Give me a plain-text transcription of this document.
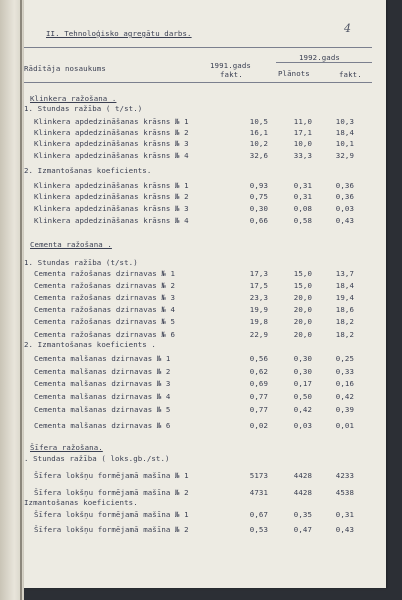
II. Tehnoloģisko agregātu darbs.	4
1992.gads
1991.gads
Rādītāja nosaukums
fakt.	Plānots	fakt.
Klinkera ražošana .
1. Stundas ražība ( t/st.)
Klinkera apdedzināšanas krāsns № 1	10,5	11,0	10,3
Klinkera apdedzināšanas krāsns № 2	16,1	17,1	18,4
Klinkera apdedzināšanas krāsns № 3	10,2	10,0	10,1
Klinkera apdedzināšanas krāsns № 4	32,6	33,3	32,9
2. Izmantošanas koeficients.
Klinkera apdedzināšanas krāsns № 1	0,93	0,31	0,36
Klinkera apdedzināšanas krāsns № 2	0,75	0,31	0,36
Klinkera apdedzināšanas krāsns № 3	0,30	0,08	0,03
Klinkera apdedzināšanas krāsns № 4	0,66	0,58	0,43
Cementa ražošana .
1. Stundas ražība (t/st.)
Cementa ražošanas dzirnavas № 1	17,3	15,0	13,7
Cementa ražošanas dzirnavas № 2	17,5	15,0	18,4
Cementa ražošanas dzirnavas № 3	23,3	20,0	19,4
Cementa ražošanas dzirnavas № 4	19,9	20,0	18,6
Cementa ražošanas dzirnavas № 5	19,8	20,0	18,2
Cementa ražošanas dzirnavas № 6	22,9	20,0	18,2
2. Izmantošanas koeficients .
Cementa malšanas dzirnavas № 1	0,56	0,30	0,25
Cementa malšanas dzirnavas № 2	0,62	0,30	0,33
Cementa malšanas dzirnavas № 3	0,69	0,17	0,16
Cementa malšanas dzirnavas № 4	0,77	0,50	0,42
Cementa malšanas dzirnavas № 5	0,77	0,42	0,39
Cementa malšanas dzirnavas № 6	0,02	0,03	0,01
Šīfera ražošana.
. Stundas ražība ( loks.gb./st.)
Šīfera lokšņu formējamā mašīna № 1	5173	4428	4233
Šīfera lokšņu formējamā mašīna № 2	4731	4428	4538
Izmantošanas koeficients.
Šīfera lokšņu formējamā mašīna № 1	0,67	0,35	0,31
Šīfera lokšņu formējamā mašīna № 2	0,53	0,47	0,43
